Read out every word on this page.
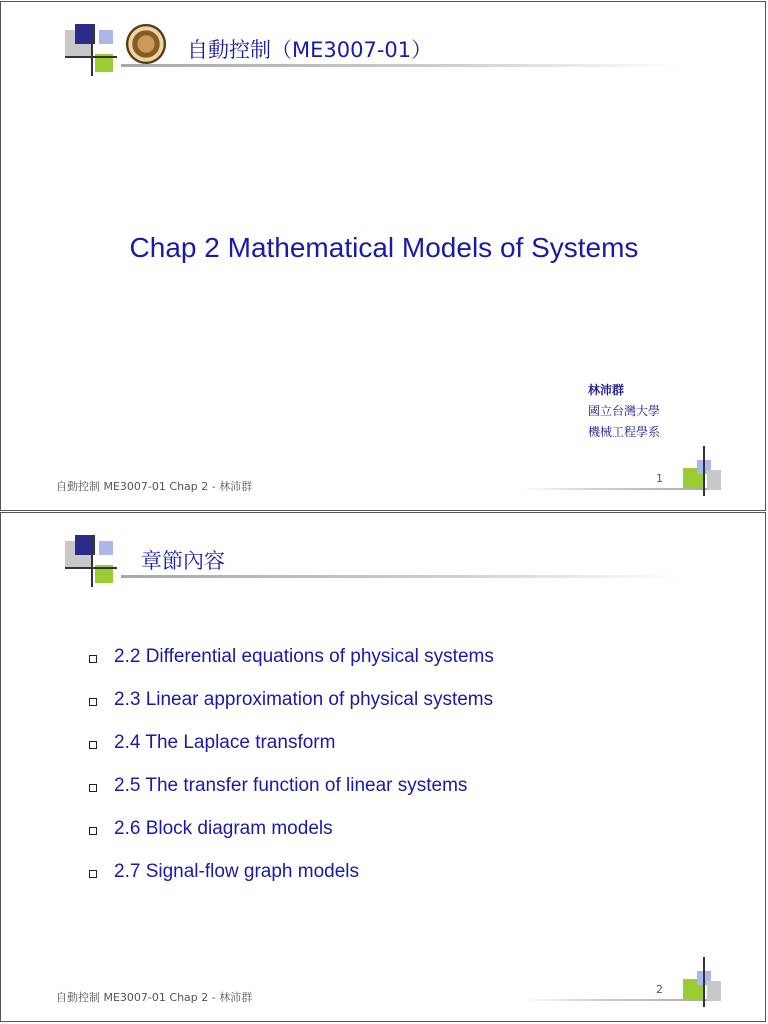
自動控制（ME3007-01）
Chap 2 Mathematical Models of Systems
林沛群
國立台灣大學
機械工程學系
自動控制 ME3007-01 Chap 2 - 林沛群
1
章節內容
2.2 Differential equations of physical systems
2.3 Linear approximation of physical systems
2.4 The Laplace transform
2.5 The transfer function of linear systems
2.6 Block diagram models
2.7 Signal-flow graph models
自動控制 ME3007-01 Chap 2 - 林沛群
2
